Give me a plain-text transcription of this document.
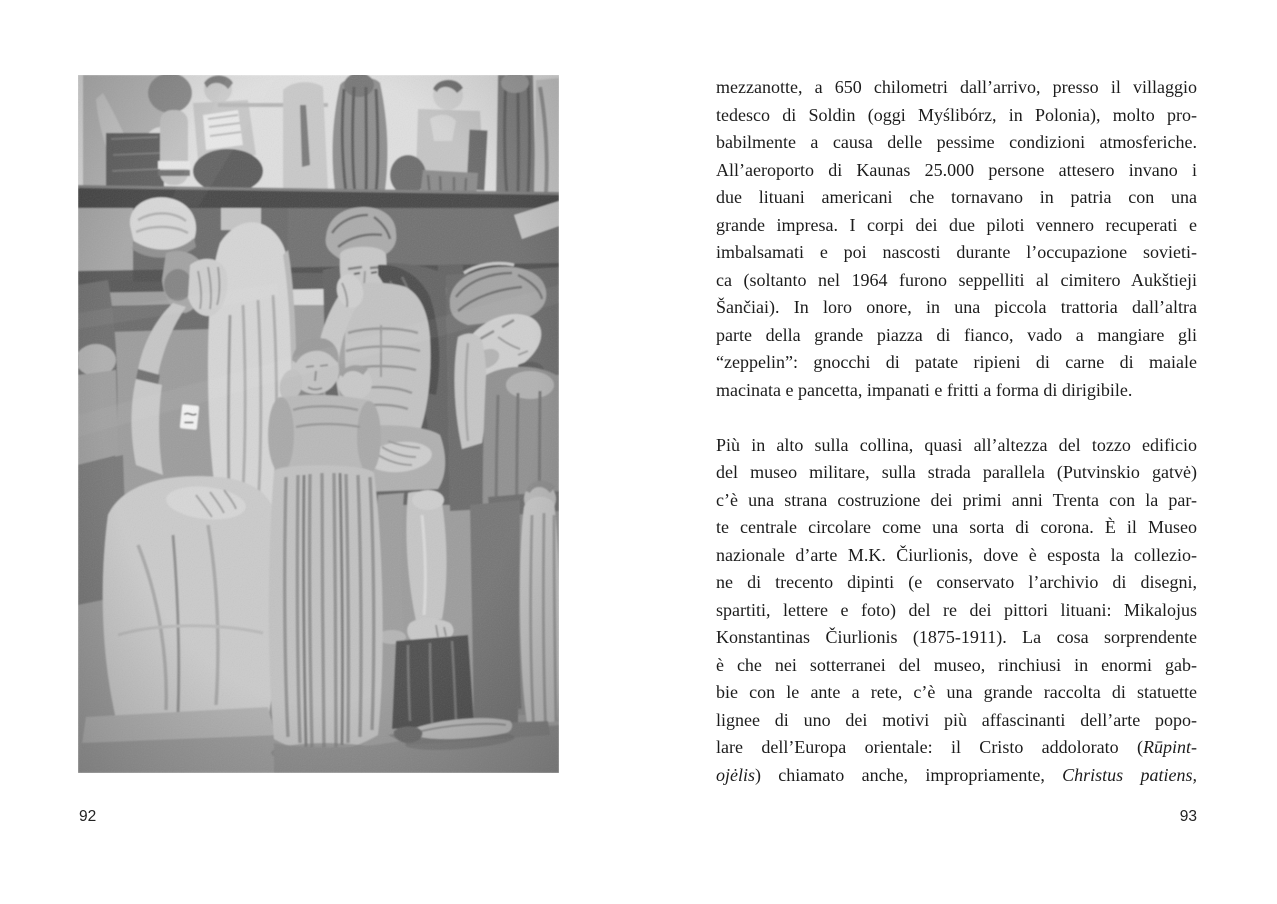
92
mezzanotte, a 650 chilometri dall’arrivo, presso il villaggio
tedesco di Soldin (oggi Myślibórz, in Polonia), molto pro-
babilmente a causa delle pessime condizioni atmosferiche.
All’aeroporto di Kaunas 25.000 persone attesero invano i
due lituani americani che tornavano in patria con una
grande impresa. I corpi dei due piloti vennero recuperati e
imbalsamati e poi nascosti durante l’occupazione sovieti-
ca (soltanto nel 1964 furono seppelliti al cimitero Aukštieji
Šančiai). In loro onore, in una piccola trattoria dall’altra
parte della grande piazza di fianco, vado a mangiare gli
“zeppelin”: gnocchi di patate ripieni di carne di maiale
macinata e pancetta, impanati e fritti a forma di dirigibile.
Più in alto sulla collina, quasi all’altezza del tozzo edificio
del museo militare, sulla strada parallela (Putvinskio gatvė)
c’è una strana costruzione dei primi anni Trenta con la par-
te centrale circolare come una sorta di corona. È il Museo
nazionale d’arte M.K. Čiurlionis, dove è esposta la collezio-
ne di trecento dipinti (e conservato l’archivio di disegni,
spartiti, lettere e foto) del re dei pittori lituani: Mikalojus
Konstantinas Čiurlionis (1875-1911). La cosa sorprendente
è che nei sotterranei del museo, rinchiusi in enormi gab-
bie con le ante a rete, c’è una grande raccolta di statuette
lignee di uno dei motivi più affascinanti dell’arte popo-
lare dell’Europa orientale: il Cristo addolorato (Rūpint-
ojėlis) chiamato anche, impropriamente, Christus patiens,
93
